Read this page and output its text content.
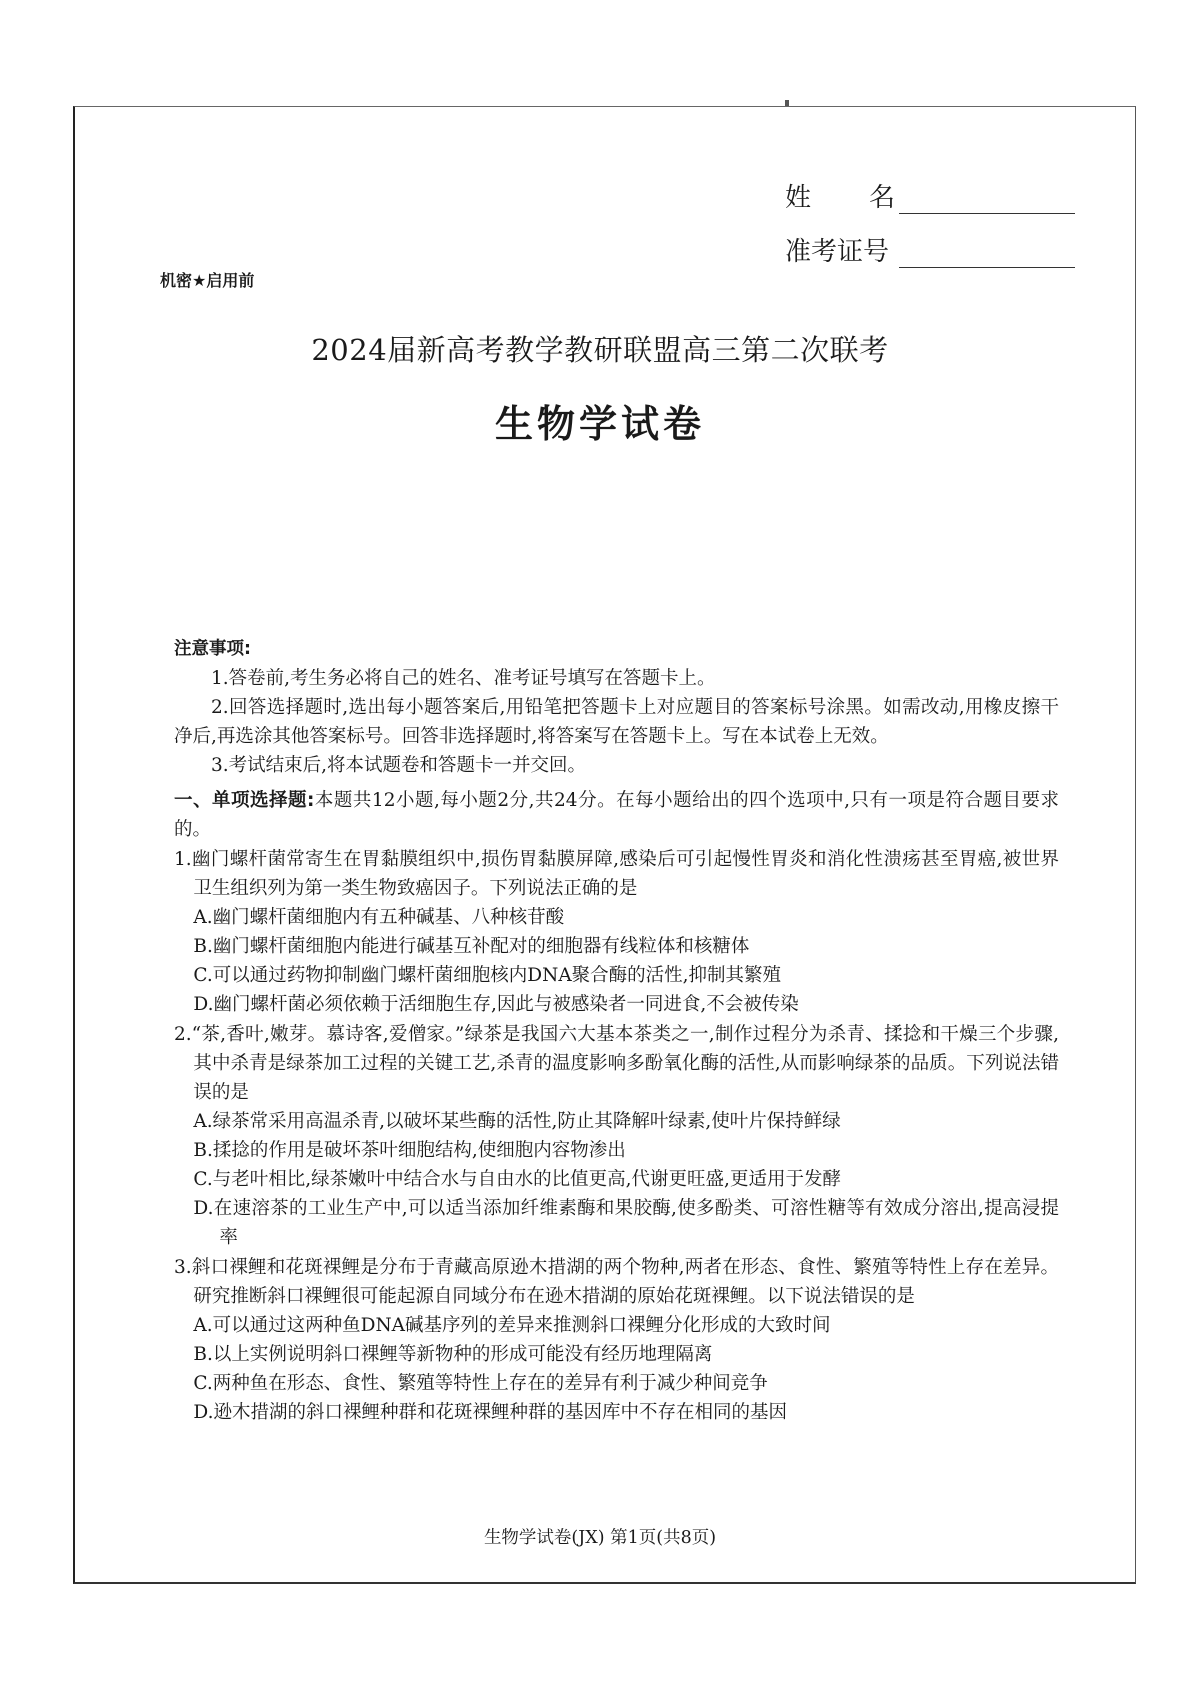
姓 名
准考证号
机密★启用前
2024届新高考教学教研联盟高三第二次联考
生物学试卷
注意事项:
1.答卷前,考生务必将自己的姓名、准考证号填写在答题卡上。
2.回答选择题时,选出每小题答案后,用铅笔把答题卡上对应题目的答案标号涂黑。如需改动,用橡皮擦干净后,再选涂其他答案标号。回答非选择题时,将答案写在答题卡上。写在本试卷上无效。
3.考试结束后,将本试题卷和答题卡一并交回。
一、单项选择题:本题共12小题,每小题2分,共24分。在每小题给出的四个选项中,只有一项是符合题目要求的。
1.幽门螺杆菌常寄生在胃黏膜组织中,损伤胃黏膜屏障,感染后可引起慢性胃炎和消化性溃疡甚至胃癌,被世界卫生组织列为第一类生物致癌因子。下列说法正确的是
A.幽门螺杆菌细胞内有五种碱基、八种核苷酸
B.幽门螺杆菌细胞内能进行碱基互补配对的细胞器有线粒体和核糖体
C.可以通过药物抑制幽门螺杆菌细胞核内DNA聚合酶的活性,抑制其繁殖
D.幽门螺杆菌必须依赖于活细胞生存,因此与被感染者一同进食,不会被传染
2.“茶,香叶,嫩芽。慕诗客,爱僧家。”绿茶是我国六大基本茶类之一,制作过程分为杀青、揉捻和干燥三个步骤,其中杀青是绿茶加工过程的关键工艺,杀青的温度影响多酚氧化酶的活性,从而影响绿茶的品质。下列说法错误的是
A.绿茶常采用高温杀青,以破坏某些酶的活性,防止其降解叶绿素,使叶片保持鲜绿
B.揉捻的作用是破坏茶叶细胞结构,使细胞内容物渗出
C.与老叶相比,绿茶嫩叶中结合水与自由水的比值更高,代谢更旺盛,更适用于发酵
D.在速溶茶的工业生产中,可以适当添加纤维素酶和果胶酶,使多酚类、可溶性糖等有效成分溶出,提高浸提率
3.斜口裸鲤和花斑裸鲤是分布于青藏高原逊木措湖的两个物种,两者在形态、食性、繁殖等特性上存在差异。研究推断斜口裸鲤很可能起源自同域分布在逊木措湖的原始花斑裸鲤。以下说法错误的是
A.可以通过这两种鱼DNA碱基序列的差异来推测斜口裸鲤分化形成的大致时间
B.以上实例说明斜口裸鲤等新物种的形成可能没有经历地理隔离
C.两种鱼在形态、食性、繁殖等特性上存在的差异有利于减少种间竞争
D.逊木措湖的斜口裸鲤种群和花斑裸鲤种群的基因库中不存在相同的基因
生物学试卷(JX) 第1页(共8页)
